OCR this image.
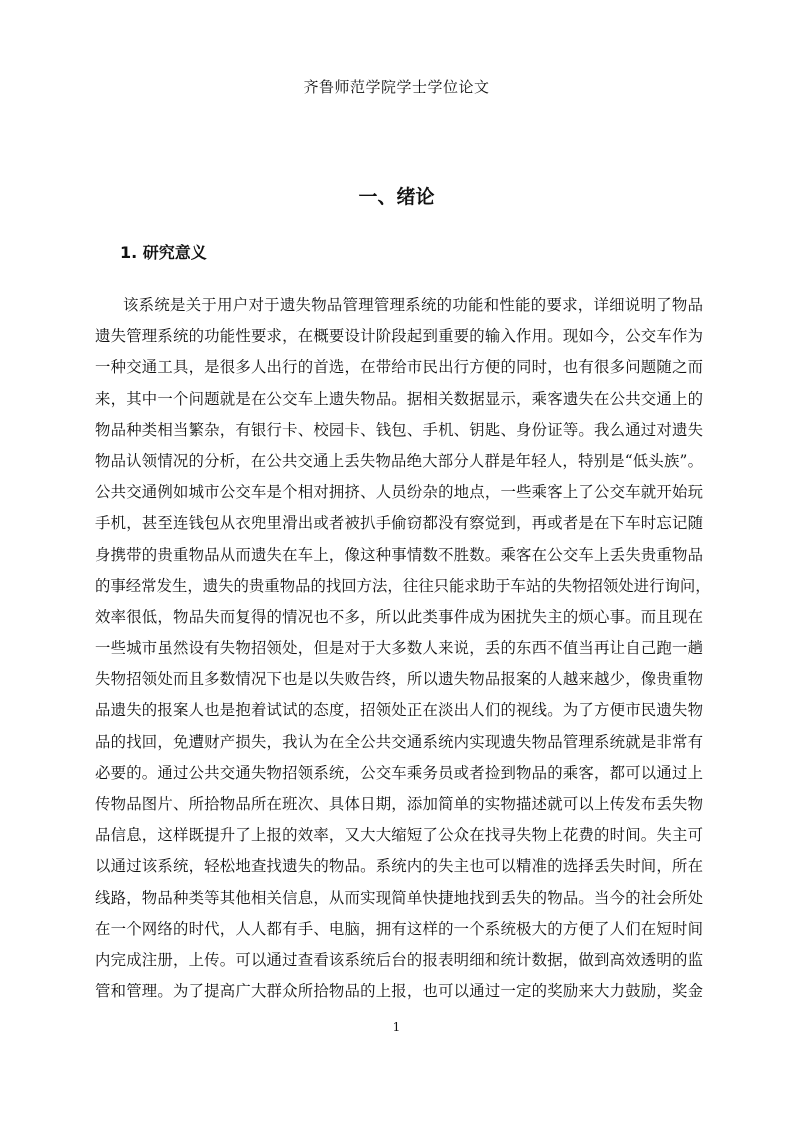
齐鲁师范学院学士学位论文
一、绪论
1. 研究意义
该系统是关于用户对于遗失物品管理管理系统的功能和性能的要求，详细说明了物品
遗失管理系统的功能性要求，在概要设计阶段起到重要的输入作用。现如今，公交车作为
一种交通工具，是很多人出行的首选，在带给市民出行方便的同时，也有很多问题随之而
来，其中一个问题就是在公交车上遗失物品。据相关数据显示，乘客遗失在公共交通上的
物品种类相当繁杂，有银行卡、校园卡、钱包、手机、钥匙、身份证等。我么通过对遗失
物品认领情况的分析，在公共交通上丢失物品绝大部分人群是年轻人，特别是“低头族”。
公共交通例如城市公交车是个相对拥挤、人员纷杂的地点，一些乘客上了公交车就开始玩
手机，甚至连钱包从衣兜里滑出或者被扒手偷窃都没有察觉到，再或者是在下车时忘记随
身携带的贵重物品从而遗失在车上，像这种事情数不胜数。乘客在公交车上丢失贵重物品
的事经常发生，遗失的贵重物品的找回方法，往往只能求助于车站的失物招领处进行询问，
效率很低，物品失而复得的情况也不多，所以此类事件成为困扰失主的烦心事。而且现在
一些城市虽然设有失物招领处，但是对于大多数人来说，丢的东西不值当再让自己跑一趟
失物招领处而且多数情况下也是以失败告终，所以遗失物品报案的人越来越少，像贵重物
品遗失的报案人也是抱着试试的态度，招领处正在淡出人们的视线。为了方便市民遗失物
品的找回，免遭财产损失，我认为在全公共交通系统内实现遗失物品管理系统就是非常有
必要的。通过公共交通失物招领系统，公交车乘务员或者捡到物品的乘客，都可以通过上
传物品图片、所拾物品所在班次、具体日期，添加简单的实物描述就可以上传发布丢失物
品信息，这样既提升了上报的效率，又大大缩短了公众在找寻失物上花费的时间。失主可
以通过该系统，轻松地查找遗失的物品。系统内的失主也可以精准的选择丢失时间，所在
线路，物品种类等其他相关信息，从而实现简单快捷地找到丢失的物品。当今的社会所处
在一个网络的时代，人人都有手、电脑，拥有这样的一个系统极大的方便了人们在短时间
内完成注册，上传。可以通过查看该系统后台的报表明细和统计数据，做到高效透明的监
管和管理。为了提高广大群众所拾物品的上报，也可以通过一定的奖励来大力鼓励，奖金
1
